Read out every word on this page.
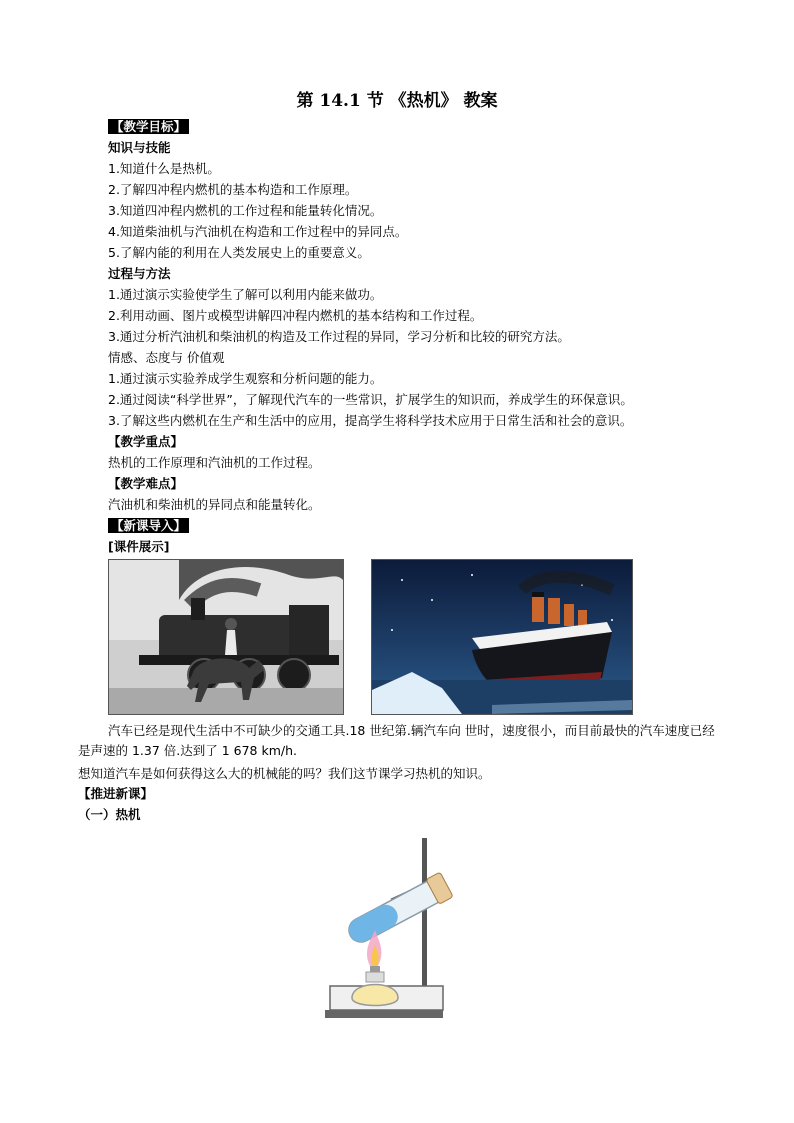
第 14.1 节 《热机》 教案
【教学目标】
知识与技能
1.知道什么是热机。
2.了解四冲程内燃机的基本构造和工作原理。
3.知道四冲程内燃机的工作过程和能量转化情况。
4.知道柴油机与汽油机在构造和工作过程中的异同点。
5.了解内能的利用在人类发展史上的重要意义。
过程与方法
1.通过演示实验使学生了解可以利用内能来做功。
2.利用动画、图片或模型讲解四冲程内燃机的基本结构和工作过程。
3.通过分析汽油机和柴油机的构造及工作过程的异同，学习分析和比较的研究方法。
情感、态度与 价值观
1.通过演示实验养成学生观察和分析问题的能力。
2.通过阅读“科学世界”，了解现代汽车的一些常识，扩展学生的知识而，养成学生的环保意识。
3.了解这些内燃机在生产和生活中的应用，提高学生将科学技术应用于日常生活和社会的意识。
【教学重点】
热机的工作原理和汽油机的工作过程。
【教学难点】
汽油机和柴油机的异同点和能量转化。
【新课导入】
[课件展示]
汽车已经是现代生活中不可缺少的交通工具.18 世纪第.辆汽车向 世时，速度很小，而目前最快的汽车速度已经是声速的 1.37 倍.达到了 1 678 km/h.
想知道汽车是如何获得这么大的机械能的吗？我们这节课学习热机的知识。
【推进新课】
（一）热机
